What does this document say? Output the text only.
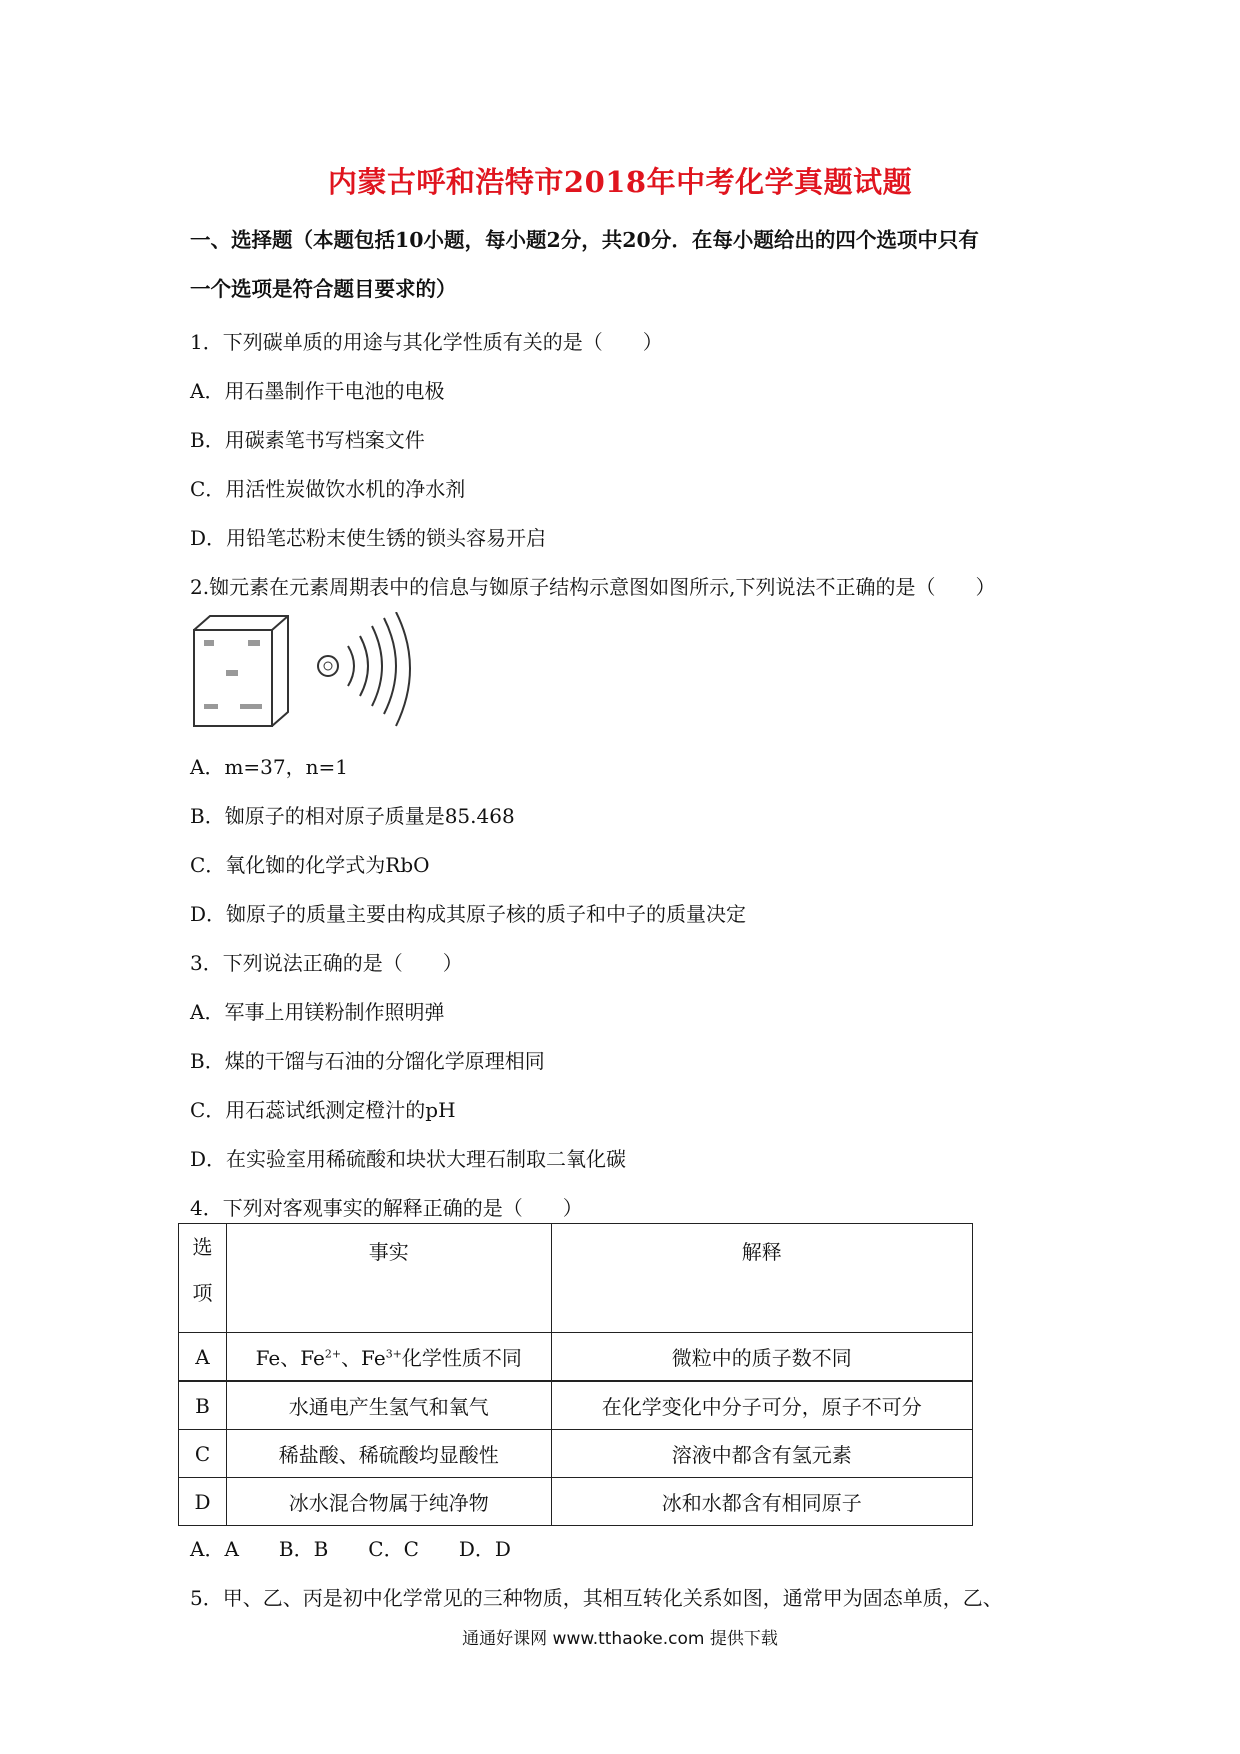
内蒙古呼和浩特市2018年中考化学真题试题
一、选择题（本题包括10小题，每小题2分，共20分．在每小题给出的四个选项中只有
一个选项是符合题目要求的）
1．下列碳单质的用途与其化学性质有关的是（　　）
A．用石墨制作干电池的电极
B．用碳素笔书写档案文件
C．用活性炭做饮水机的净水剂
D．用铅笔芯粉末使生锈的锁头容易开启
2.铷元素在元素周期表中的信息与铷原子结构示意图如图所示,下列说法不正确的是（　　）
A．m=37，n=1
B．铷原子的相对原子质量是85.468
C．氧化铷的化学式为RbO
D．铷原子的质量主要由构成其原子核的质子和中子的质量决定
3．下列说法正确的是（　　）
A．军事上用镁粉制作照明弹
B．煤的干馏与石油的分馏化学原理相同
C．用石蕊试纸测定橙汁的pH
D．在实验室用稀硫酸和块状大理石制取二氧化碳
4．下列对客观事实的解释正确的是（　　）
选
项	事实	解释
A	Fe、$Fe^{2+}$、$Fe^{3+}$化学性质不同	微粒中的质子数不同
B	水通电产生氢气和氧气	在化学变化中分子可分，原子不可分
C	稀盐酸、稀硫酸均显酸性	溶液中都含有氢元素
D	冰水混合物属于纯净物	冰和水都含有相同原子
A．A　　B．B　　C．C　　D．D
5．甲、乙、丙是初中化学常见的三种物质，其相互转化关系如图，通常甲为固态单质，乙、
通通好课网 www.tthaoke.com 提供下载
